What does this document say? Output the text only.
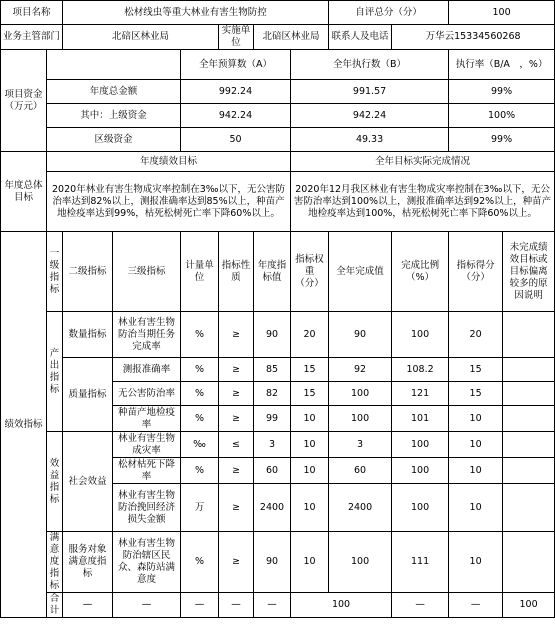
项目名称		松材线虫等重大林业有害生物防控						自评总分（分）		100		
业务主管部门		北碚区林业局			实施单位	北碚区林业局		联系人及电话	万华云15334560268			
项目资金（万元）				全年预算数（A）			全年执行数（B）			执行率（B/A　，%）		
	年度总金额			992.24			991.57			99%		
	其中：上级资金			942.24			942.24			100%		
	区级资金			50			49.33			99%		
年度总体目标	年度绩效目标						全年目标实际完成情况					
	2020年林业有害生物成灾率控制在3‰以下，无公害防治率达到82%以上，测报准确率达到85%以上，种苗产地检疫率达到99%，枯死松树死亡率下降60%以上。						2020年12月我区林业有害生物成灾率控制在3‰以下，无公害防治率达到100%以上，测报准确率达到92%以上，种苗产地检疫率达到100%，枯死松树死亡率下降60%以上。					
绩效指标	一级指标	二级指标	三级指标	计量单位	指标性质	年度指标值	指标权重（分）	全年完成值	完成比例（%）	指标得分（分）	未完成绩效目标或目标偏离较多的原因说明	
	产出指标	数量指标	林业有害生物防治当期任务完成率	%	≥	90	20	90	100	20		
		质量指标	测报准确率	%	≥	85	15	92	108.2	15		
			无公害防治率	%	≥	82	15	100	121	15		
			种苗产地检疫率	%	≥	99	10	100	101	10		
	效益指标	社会效益	林业有害生物成灾率	‰	≤	3	10	3	100	10		
			松材枯死下降率	%	≥	60	10	60	100	10		
			林业有害生物防治挽回经济损失金额	万	≥	2400	10	2400	100	10		
	满意度指标	服务对象满意度指标	林业有害生物防治辖区民众、森防站满意度	%	≥	90	10	100	111	10		
	合计	—	—	—	—	—	100		—	—	100	
